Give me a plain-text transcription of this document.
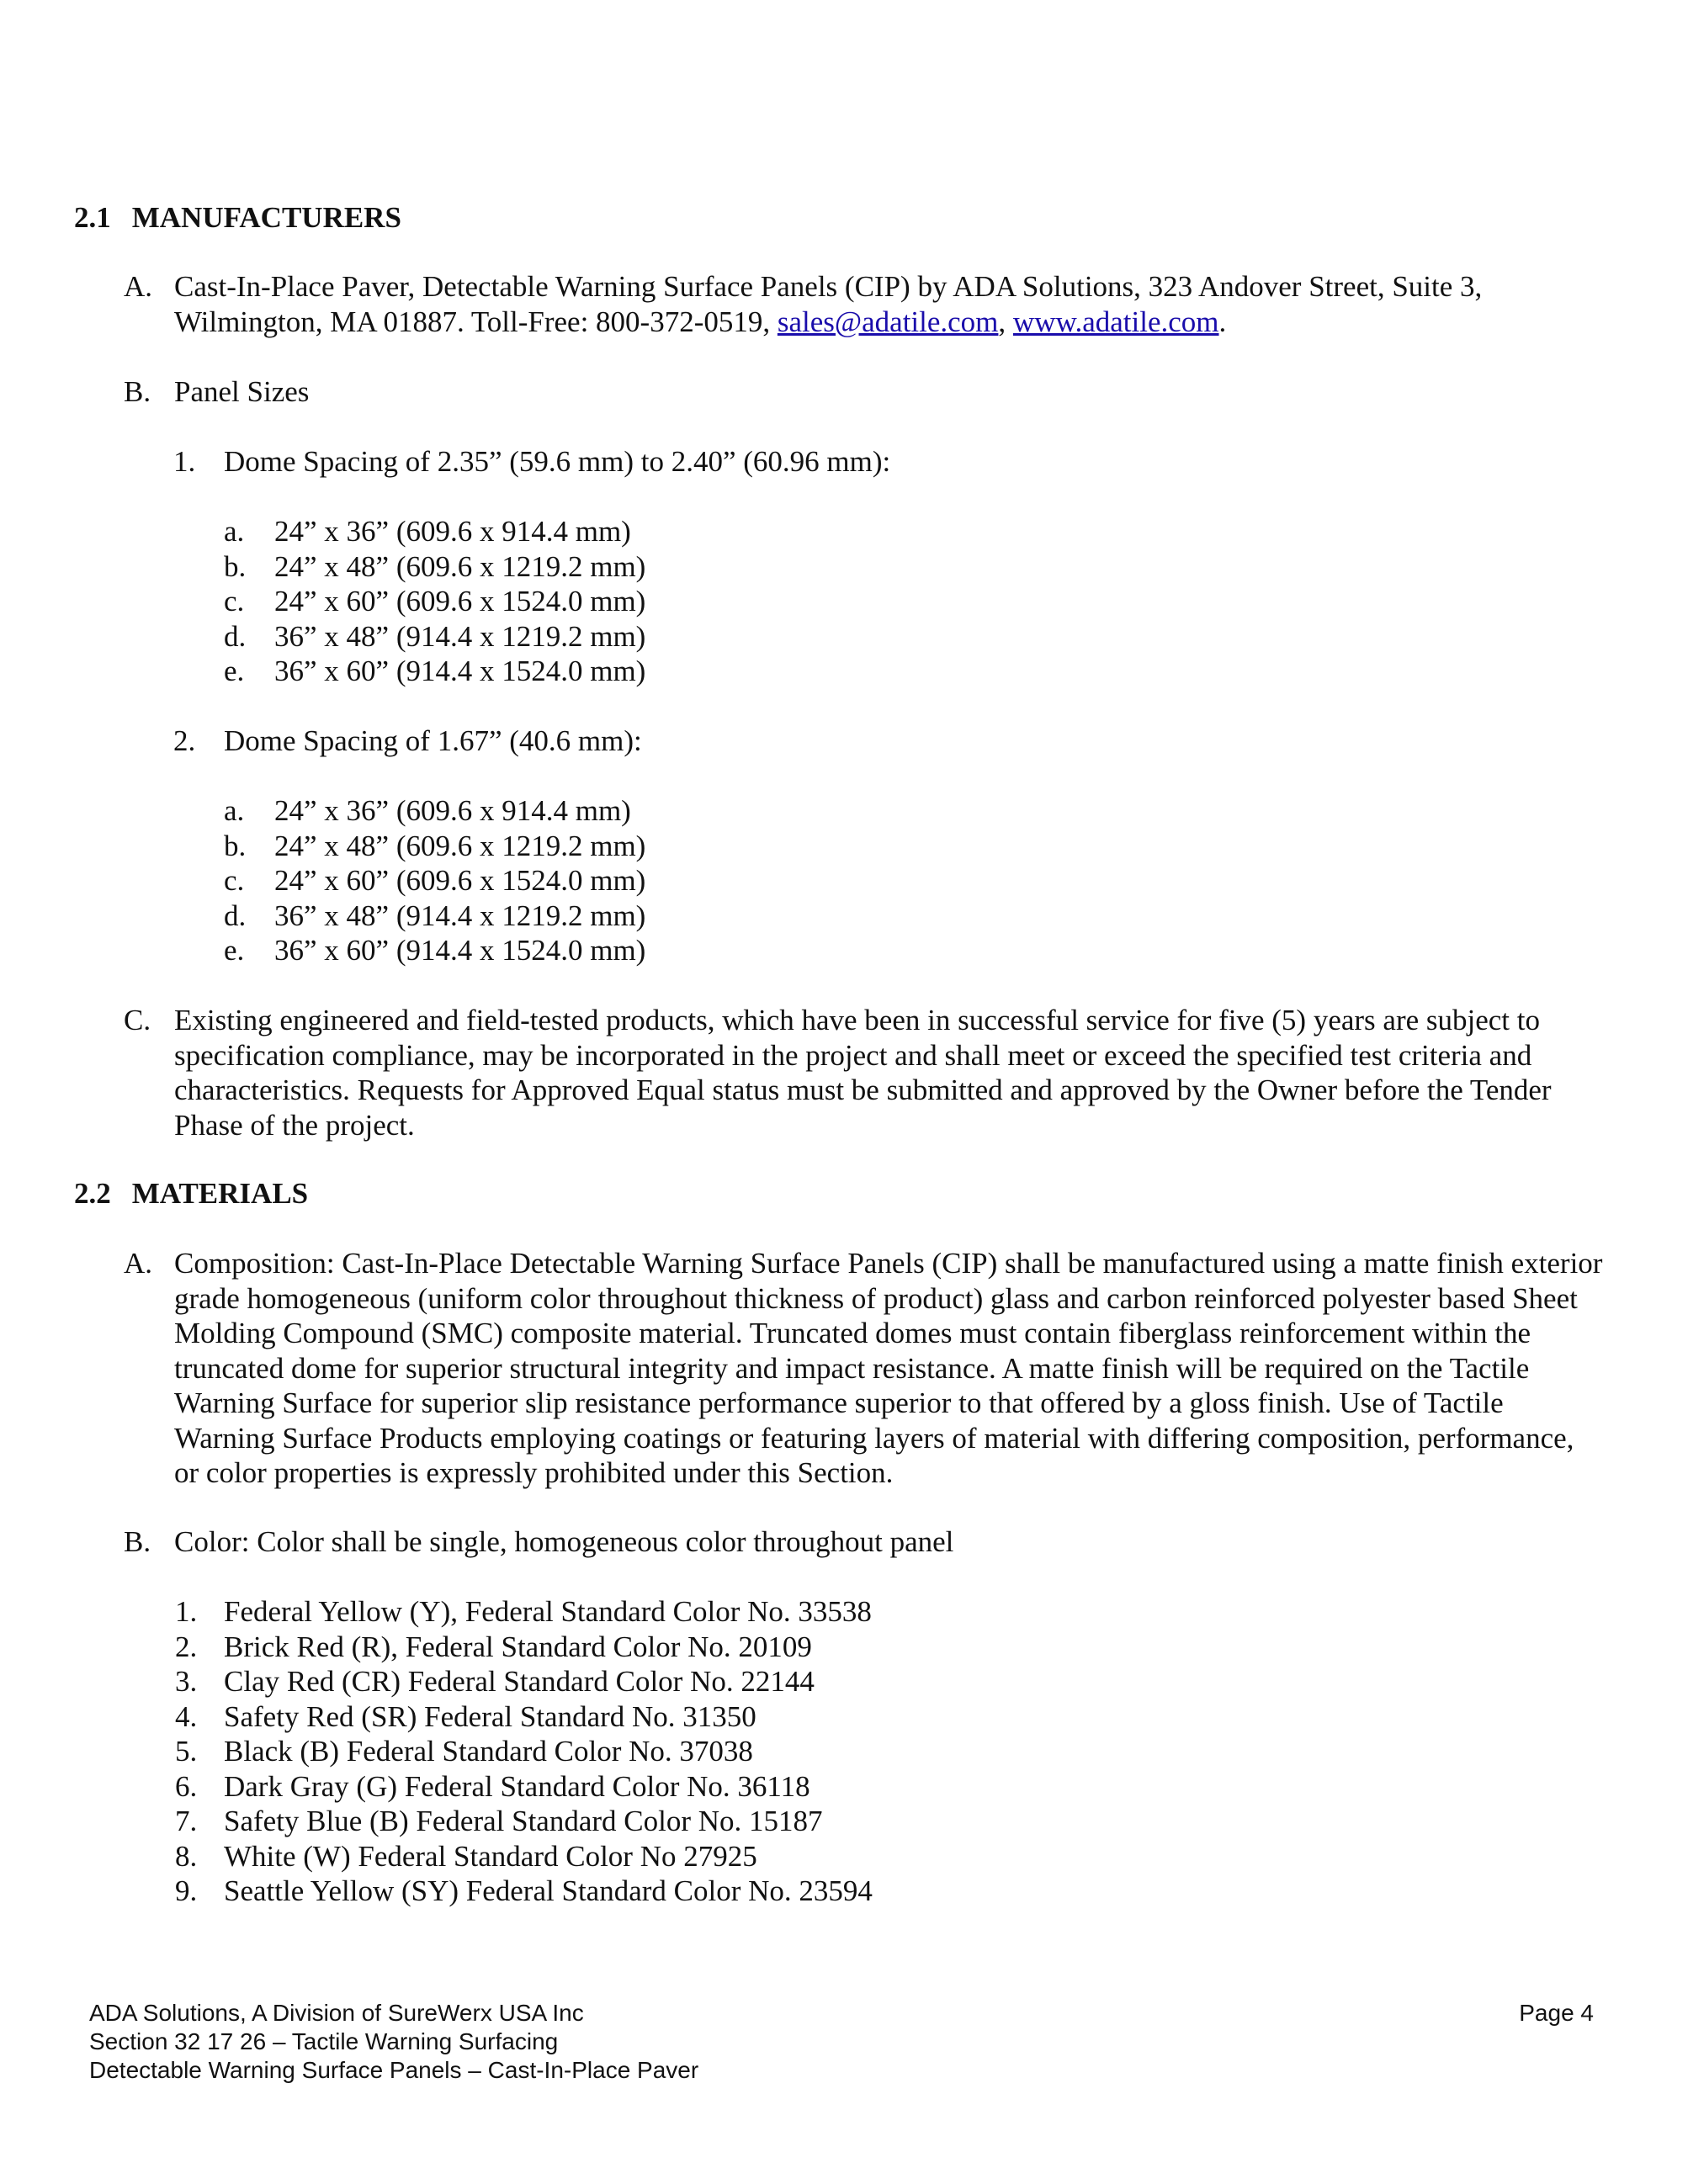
2.1 MANUFACTURERS
A. Cast-In-Place Paver, Detectable Warning Surface Panels (CIP) by ADA Solutions, 323 Andover Street, Suite 3, Wilmington, MA 01887. Toll-Free: 800-372-0519, sales@adatile.com, www.adatile.com.
B. Panel Sizes
1. Dome Spacing of 2.35” (59.6 mm) to 2.40” (60.96 mm):
a. 24” x 36” (609.6 x 914.4 mm)
b. 24” x 48” (609.6 x 1219.2 mm)
c. 24” x 60” (609.6 x 1524.0 mm)
d. 36” x 48” (914.4 x 1219.2 mm)
e. 36” x 60” (914.4 x 1524.0 mm)
2. Dome Spacing of 1.67” (40.6 mm):
a. 24” x 36” (609.6 x 914.4 mm)
b. 24” x 48” (609.6 x 1219.2 mm)
c. 24” x 60” (609.6 x 1524.0 mm)
d. 36” x 48” (914.4 x 1219.2 mm)
e. 36” x 60” (914.4 x 1524.0 mm)
C. Existing engineered and field-tested products, which have been in successful service for five (5) years are subject to specification compliance, may be incorporated in the project and shall meet or exceed the specified test criteria and characteristics. Requests for Approved Equal status must be submitted and approved by the Owner before the Tender Phase of the project.
2.2 MATERIALS
A. Composition: Cast-In-Place Detectable Warning Surface Panels (CIP) shall be manufactured using a matte finish exterior grade homogeneous (uniform color throughout thickness of product) glass and carbon reinforced polyester based Sheet Molding Compound (SMC) composite material. Truncated domes must contain fiberglass reinforcement within the truncated dome for superior structural integrity and impact resistance. A matte finish will be required on the Tactile Warning Surface for superior slip resistance performance superior to that offered by a gloss finish. Use of Tactile Warning Surface Products employing coatings or featuring layers of material with differing composition, performance, or color properties is expressly prohibited under this Section.
B. Color: Color shall be single, homogeneous color throughout panel
1. Federal Yellow (Y), Federal Standard Color No. 33538
2. Brick Red (R), Federal Standard Color No. 20109
3. Clay Red (CR) Federal Standard Color No. 22144
4. Safety Red (SR) Federal Standard No. 31350
5. Black (B) Federal Standard Color No. 37038
6. Dark Gray (G) Federal Standard Color No. 36118
7. Safety Blue (B) Federal Standard Color No. 15187
8. White (W) Federal Standard Color No 27925
9. Seattle Yellow (SY) Federal Standard Color No. 23594
ADA Solutions, A Division of SureWerx USA Inc
Section 32 17 26 – Tactile Warning Surfacing
Detectable Warning Surface Panels – Cast-In-Place Paver
Page 4
